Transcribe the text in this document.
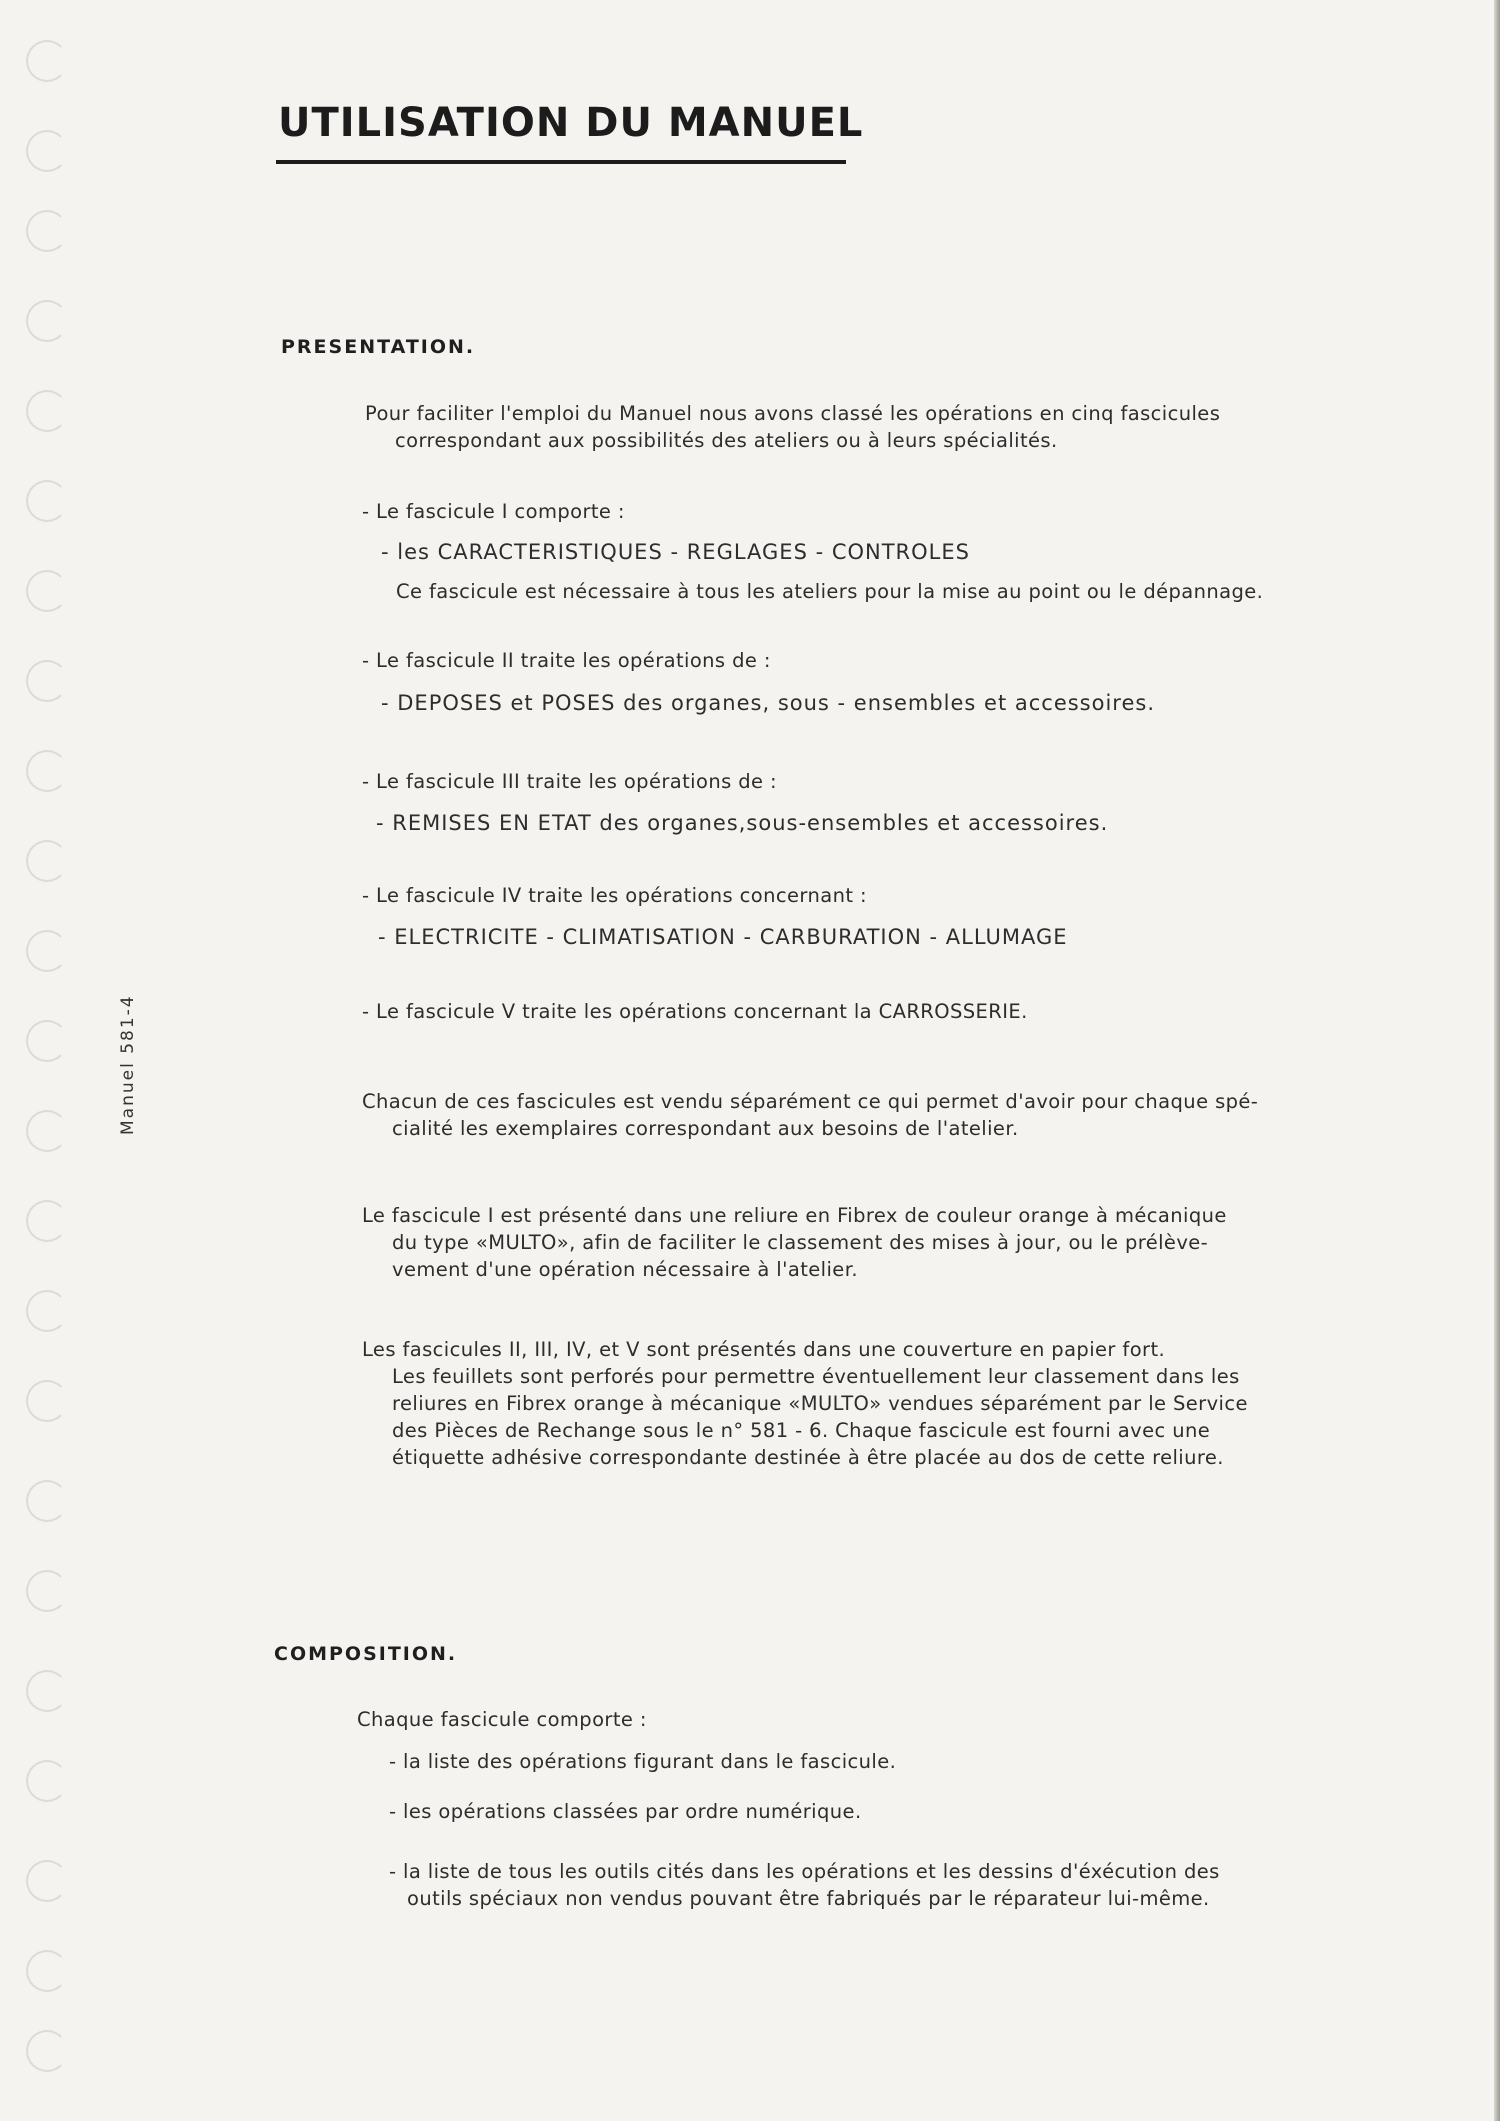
Manuel 581-4
UTILISATION DU MANUEL
PRESENTATION.

Pour faciliter l'emploi du Manuel nous avons classé les opérations en cinq fascicules
correspondant aux possibilités des ateliers ou à leurs spécialités.

- Le fascicule I comporte :

- les CARACTERISTIQUES - REGLAGES - CONTROLES

Ce fascicule est nécessaire à tous les ateliers pour la mise au point ou le dépannage.

- Le fascicule II traite les opérations de :

- DEPOSES et POSES des organes, sous - ensembles et accessoires.

- Le fascicule III traite les opérations de :

- REMISES EN ETAT des organes,sous-ensembles et accessoires.

- Le fascicule IV traite les opérations concernant :

- ELECTRICITE - CLIMATISATION - CARBURATION - ALLUMAGE

- Le fascicule V traite les opérations concernant la CARROSSERIE.

Chacun de ces fascicules est vendu séparément ce qui permet d'avoir pour chaque spé-
cialité les exemplaires correspondant aux besoins de l'atelier.

Le fascicule I est présenté dans une reliure en Fibrex de couleur orange à mécanique
du type «MULTO», afin de faciliter le classement des mises à jour, ou le prélève-
vement d'une opération nécessaire à l'atelier.

Les fascicules II, III, IV, et V sont présentés dans une couverture en papier fort.
Les feuillets sont perforés pour permettre éventuellement leur classement dans les
reliures en Fibrex orange à mécanique «MULTO» vendues séparément par le Service
des Pièces de Rechange sous le n° 581 - 6. Chaque fascicule est fourni avec une
étiquette adhésive correspondante destinée à être placée au dos de cette reliure.

COMPOSITION.

Chaque fascicule comporte :

- la liste des opérations figurant dans le fascicule.

- les opérations classées par ordre numérique.

- la liste de tous les outils cités dans les opérations et les dessins d'éxécution des
outils spéciaux non vendus pouvant être fabriqués par le réparateur lui-même.
